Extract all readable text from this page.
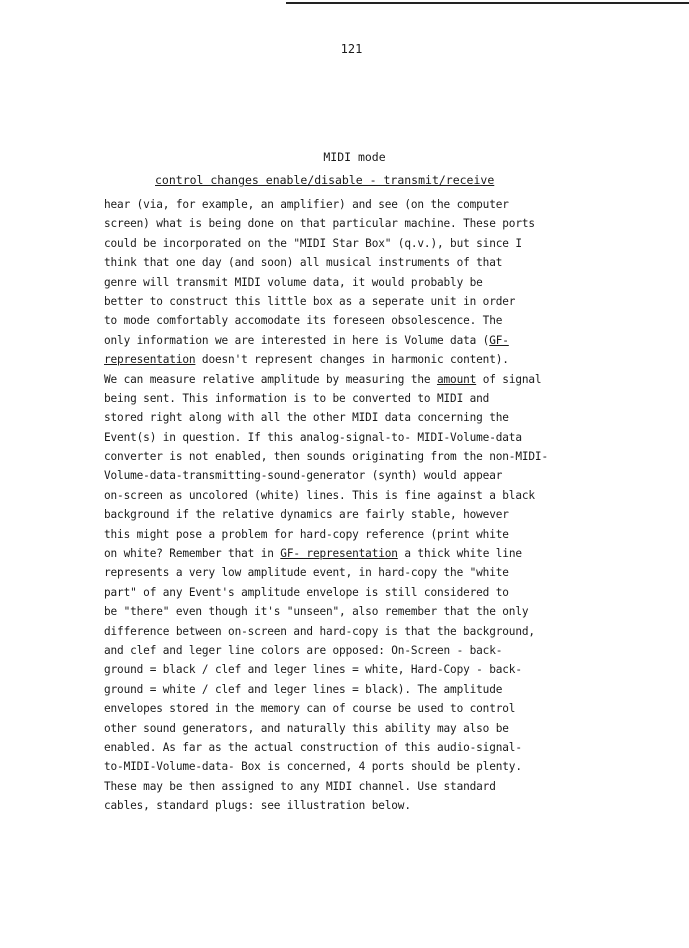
121
MIDI mode
control changes enable/disable - transmit/receive
hear (via, for example, an amplifier) and see (on the computer
screen) what is being done on that particular machine. These ports
could be incorporated on the "MIDI Star Box" (q.v.), but since I
think that one day (and soon) all musical instruments of that
genre will transmit MIDI volume data, it would probably be
better to construct this little box as a seperate unit in order
to mode comfortably accomodate its foreseen obsolescence. The
only information we are interested in here is Volume data (GF-
representation doesn't represent changes in harmonic content).
We can measure relative amplitude by measuring the amount of signal
being sent. This information is to be converted to MIDI and
stored right along with all the other MIDI data concerning the
Event(s) in question. If this analog-signal-to- MIDI-Volume-data
converter is not enabled, then sounds originating from the non-MIDI-
Volume-data-transmitting-sound-generator (synth) would appear
on-screen as uncolored (white) lines. This is fine against a black
background if the relative dynamics are fairly stable, however
this might pose a problem for hard-copy reference (print white
on white? Remember that in GF- representation a thick white line
represents a very low amplitude event, in hard-copy the "white
part" of any Event's amplitude envelope is still considered to
be "there" even though it's "unseen", also remember that the only
difference between on-screen and hard-copy is that the background,
and clef and leger line colors are opposed: On-Screen - back-
ground = black / clef and leger lines = white, Hard-Copy - back-
ground = white / clef and leger lines = black). The amplitude
envelopes stored in the memory can of course be used to control
other sound generators, and naturally this ability may also be
enabled. As far as the actual construction of this audio-signal-
to-MIDI-Volume-data- Box is concerned, 4 ports should be plenty.
These may be then assigned to any MIDI channel. Use standard
cables, standard plugs: see illustration below.
